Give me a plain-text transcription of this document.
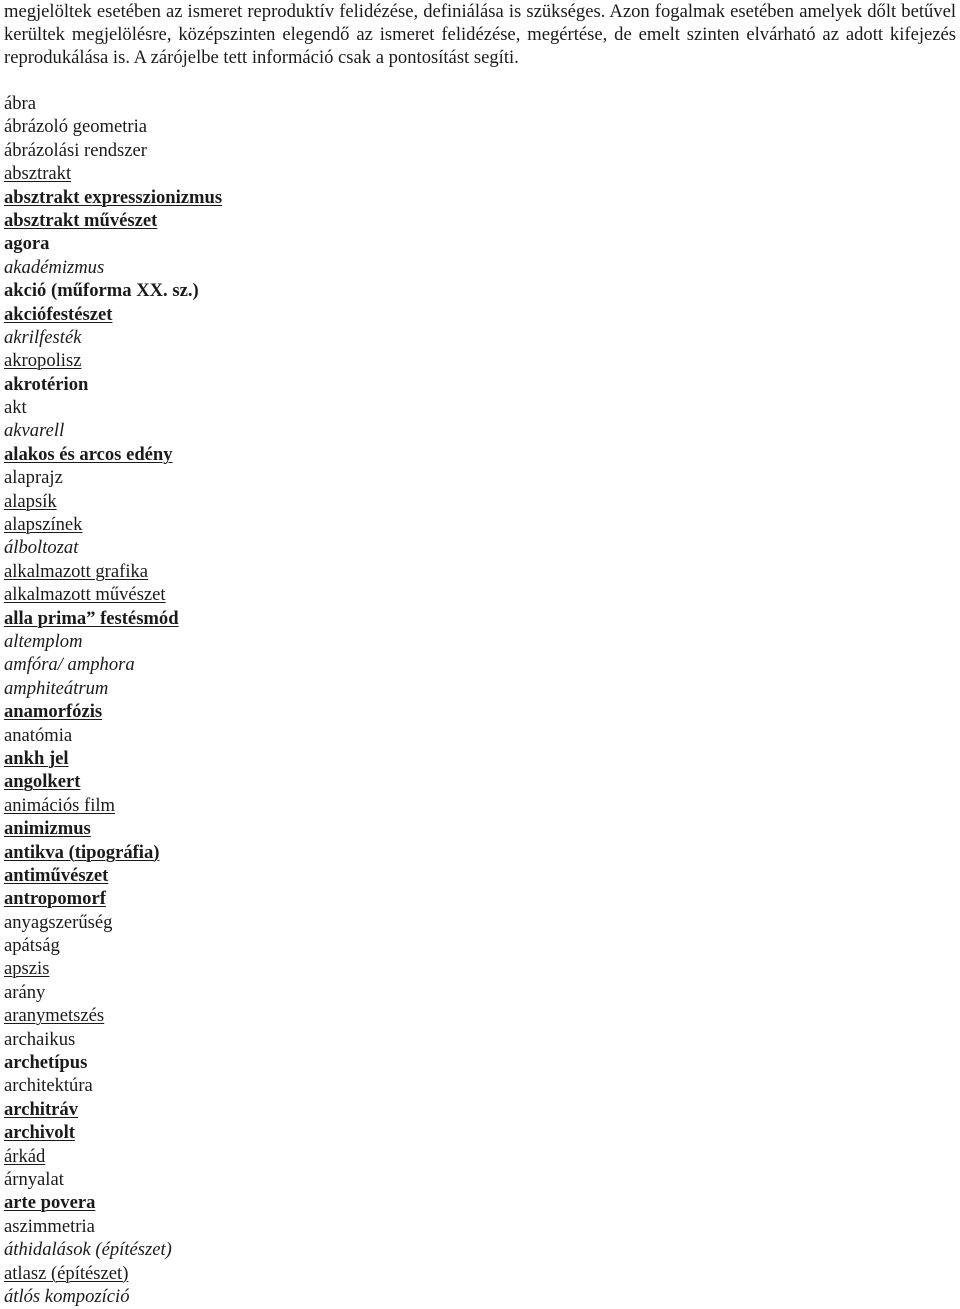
megjelöltek esetében az ismeret reproduktív felidézése, definiálása is szükséges. Azon fogalmak esetében amelyek dőlt betűvel kerültek megjelölésre, középszinten elegendő az ismeret felidézése, megértése, de emelt szinten elvárható az adott kifejezés reprodukálása is. A zárójelbe tett információ csak a pontosítást segíti.

ábra
ábrázoló geometria
ábrázolási rendszer
absztrakt
absztrakt expresszionizmus
absztrakt művészet
agora
akadémizmus
akció (műforma XX. sz.)
akciófestészet
akrilfesték
akropolisz
akrotérion
akt
akvarell
alakos és arcos edény
alaprajz
alapsík
alapszínek
álboltozat
alkalmazott grafika
alkalmazott művészet
alla prima” festésmód
altemplom
amfóra/ amphora
amphiteátrum
anamorfózis
anatómia
ankh jel
angolkert
animációs film
animizmus
antikva (tipográfia)
antiművészet
antropomorf
anyagszerűség
apátság
apszis
arány
aranymetszés
archaikus
archetípus
architektúra
architráv
archivolt
árkád
árnyalat
arte povera
aszimmetria
áthidalások (építészet)
atlasz (építészet)
átlós kompozíció
